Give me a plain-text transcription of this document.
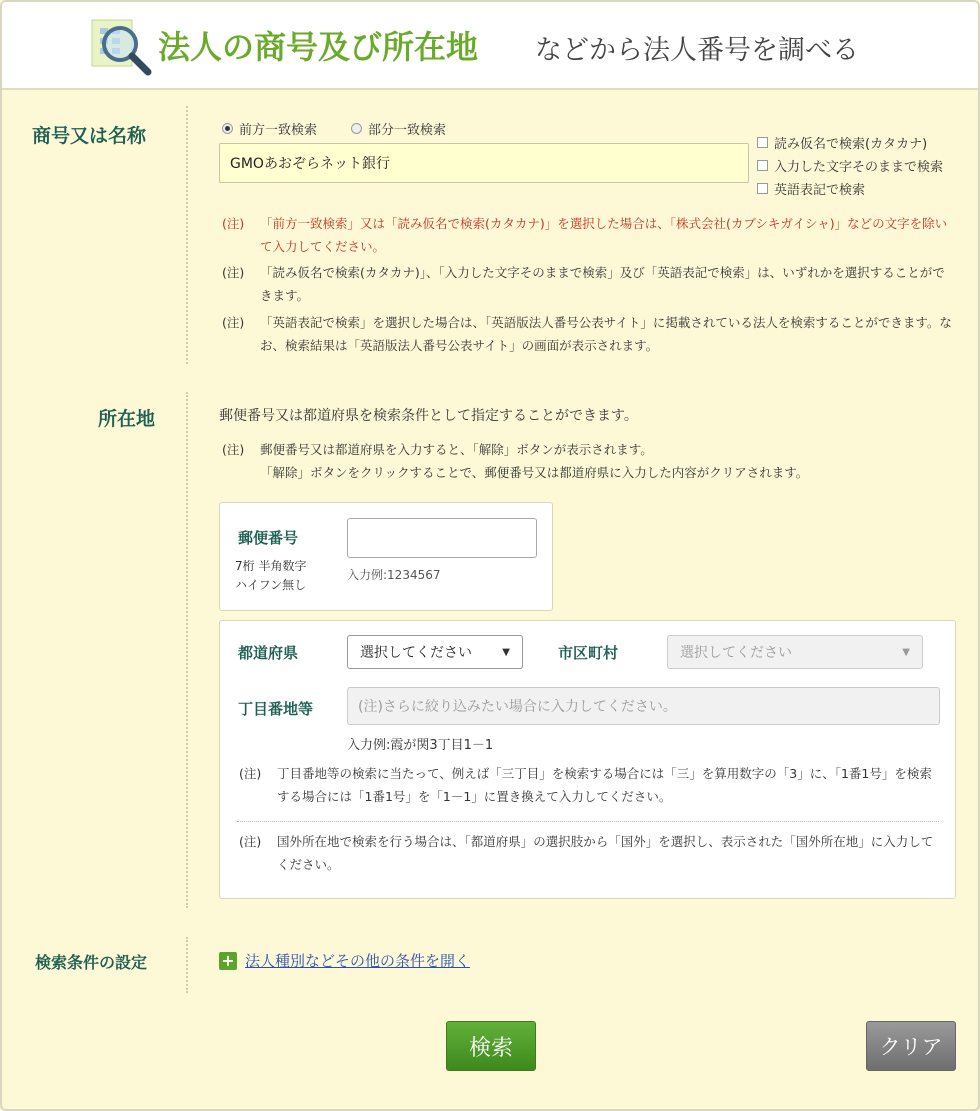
法人の商号及び所在地 などから法人番号を調べる
商号又は名称	前方一致検索	部分一致検索
GMOあおぞらネット銀行
読み仮名で検索(カタカナ)
入力した文字そのままで検索
英語表記で検索
(注) 「前方一致検索」又は「読み仮名で検索(カタカナ)」を選択した場合は、「株式会社(カブシキガイシャ)」などの文字を除いて入力してください。
(注) 「読み仮名で検索(カタカナ)」、「入力した文字そのままで検索」及び「英語表記で検索」は、いずれかを選択することができます。
(注) 「英語表記で検索」を選択した場合は、「英語版法人番号公表サイト」に掲載されている法人を検索することができます。なお、検索結果は「英語版法人番号公表サイト」の画面が表示されます。
所在地	郵便番号又は都道府県を検索条件として指定することができます。
(注) 郵便番号又は都道府県を入力すると、「解除」ボタンが表示されます。
「解除」ボタンをクリックすることで、郵便番号又は都道府県に入力した内容がクリアされます。
郵便番号
7桁 半角数字
ハイフン無し
入力例:1234567
都道府県	選択してください	▼	市区町村	選択してください	▼
丁目番地等	(注)さらに絞り込みたい場合に入力してください。
入力例:霞が関3丁目1－1
(注) 丁目番地等の検索に当たって、例えば「三丁目」を検索する場合には「三」を算用数字の「3」に、「1番1号」を検索する場合には「1番1号」を「1－1」に置き換えて入力してください。
(注) 国外所在地で検索を行う場合は、「都道府県」の選択肢から「国外」を選択し、表示された「国外所在地」に入力してください。
検索条件の設定	+ 法人種別などその他の条件を開く
検索	クリア
